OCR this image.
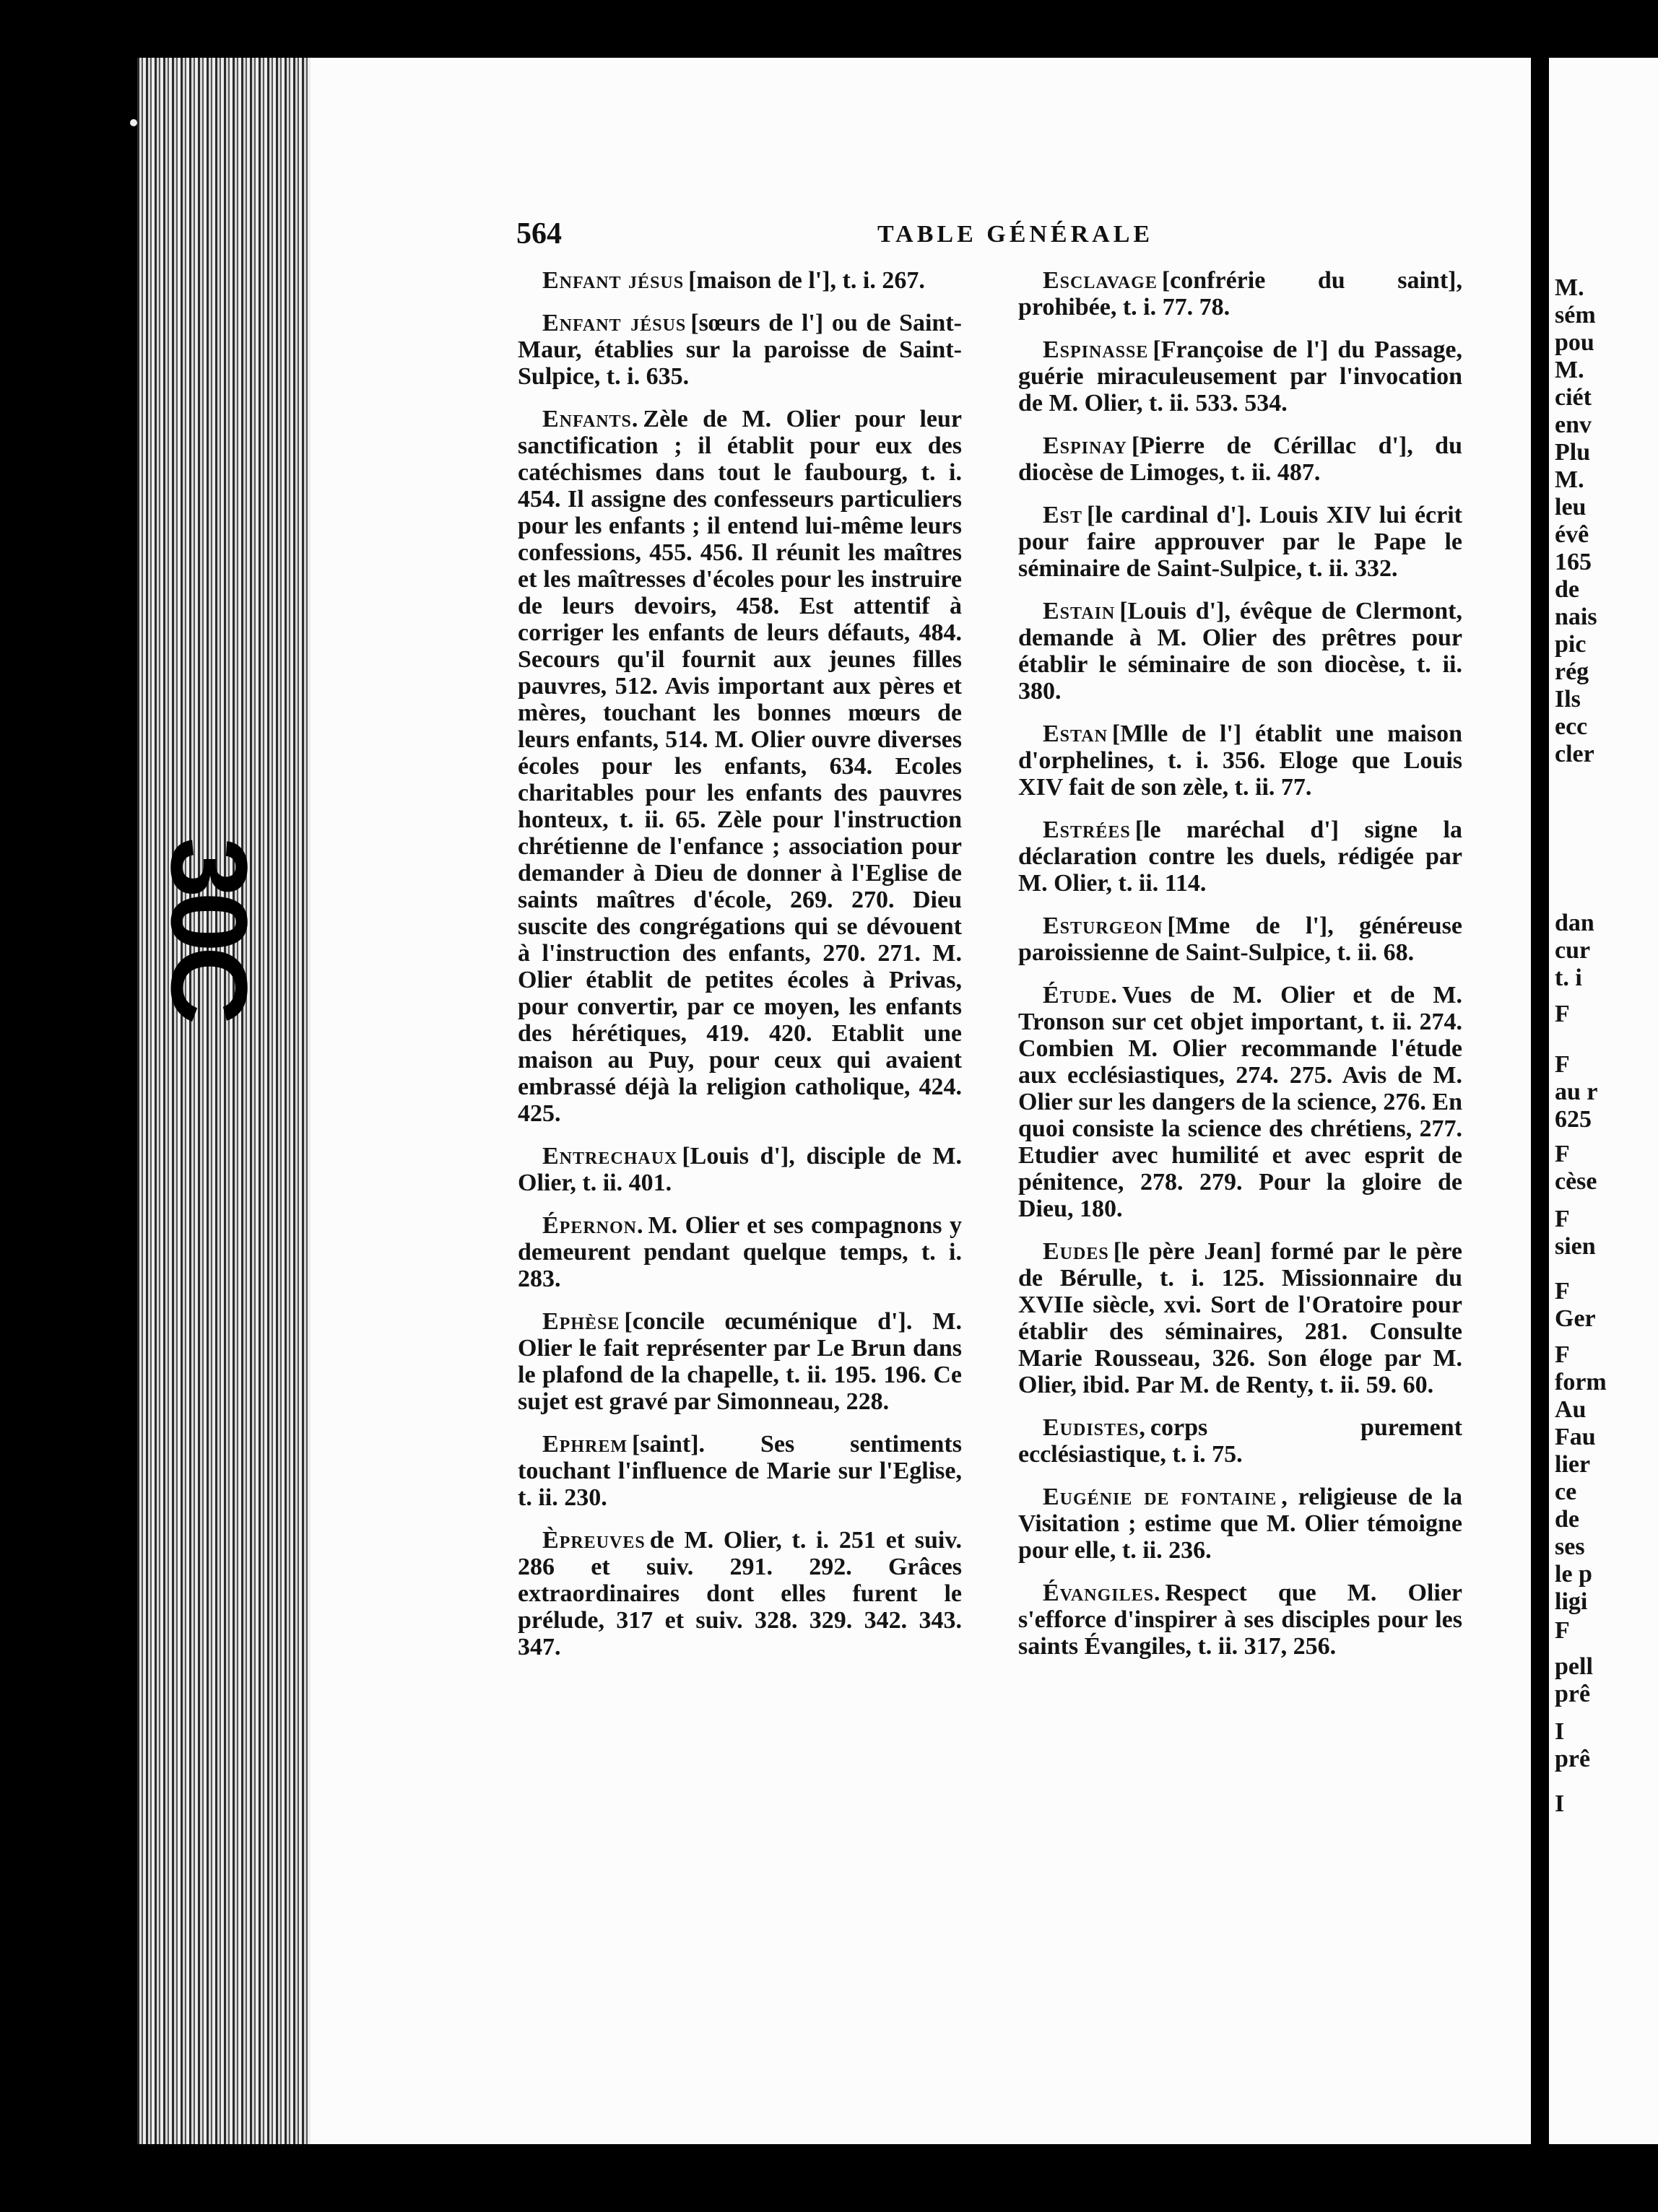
30C
M.
sém
pou
M.
ciét
env
Plu
M.
leu
évê
165
de
nais
pic
rég
Ils
ecc
cler
dan
cur
t. i
F
F
au r
625
F
cèse
F
sien
F
Ger
F
form
Au
Fau
lier
ce
de
ses
le p
ligi
F
pell
prê
I
prê
I
564	TABLE GÉNÉRALE

Enfant jésus [maison de l'], t. i. 267.

Enfant jésus [sœurs de l'] ou de Saint-Maur, établies sur la paroisse de Saint-Sulpice, t. i. 635.

Enfants. Zèle de M. Olier pour leur sanctification ; il établit pour eux des catéchismes dans tout le faubourg, t. i. 454. Il assigne des confesseurs particuliers pour les enfants ; il entend lui-même leurs confessions, 455. 456. Il réunit les maîtres et les maîtresses d'écoles pour les instruire de leurs devoirs, 458. Est attentif à corriger les enfants de leurs défauts, 484. Secours qu'il fournit aux jeunes filles pauvres, 512. Avis important aux pères et mères, touchant les bonnes mœurs de leurs enfants, 514. M. Olier ouvre diverses écoles pour les enfants, 634. Ecoles charitables pour les enfants des pauvres honteux, t. ii. 65. Zèle pour l'instruction chrétienne de l'enfance ; association pour demander à Dieu de donner à l'Eglise de saints maîtres d'école, 269. 270. Dieu suscite des congrégations qui se dévouent à l'instruction des enfants, 270. 271. M. Olier établit de petites écoles à Privas, pour convertir, par ce moyen, les enfants des hérétiques, 419. 420. Etablit une maison au Puy, pour ceux qui avaient embrassé déjà la religion catholique, 424. 425.

Entrechaux [Louis d'], disciple de M. Olier, t. ii. 401.

Épernon. M. Olier et ses compagnons y demeurent pendant quelque temps, t. i. 283.

Ephèse [concile œcuménique d']. M. Olier le fait représenter par Le Brun dans le plafond de la chapelle, t. ii. 195. 196. Ce sujet est gravé par Simonneau, 228.

Ephrem [saint]. Ses sentiments touchant l'influence de Marie sur l'Eglise, t. ii. 230.

Èpreuves de M. Olier, t. i. 251 et suiv. 286 et suiv. 291. 292. Grâces extraordinaires dont elles furent le prélude, 317 et suiv. 328. 329. 342. 343. 347.

Esclavage [confrérie du saint], prohibée, t. i. 77. 78.

Espinasse [Françoise de l'] du Passage, guérie miraculeusement par l'invocation de M. Olier, t. ii. 533. 534.

Espinay [Pierre de Cérillac d'], du diocèse de Limoges, t. ii. 487.

Est [le cardinal d']. Louis XIV lui écrit pour faire approuver par le Pape le séminaire de Saint-Sulpice, t. ii. 332.

Estain [Louis d'], évêque de Clermont, demande à M. Olier des prêtres pour établir le séminaire de son diocèse, t. ii. 380.

Estan [Mlle de l'] établit une maison d'orphelines, t. i. 356. Eloge que Louis XIV fait de son zèle, t. ii. 77.

Estrées [le maréchal d'] signe la déclaration contre les duels, rédigée par M. Olier, t. ii. 114.

Esturgeon [Mme de l'], généreuse paroissienne de Saint-Sulpice, t. ii. 68.

Étude. Vues de M. Olier et de M. Tronson sur cet objet important, t. ii. 274. Combien M. Olier recommande l'étude aux ecclésiastiques, 274. 275. Avis de M. Olier sur les dangers de la science, 276. En quoi consiste la science des chrétiens, 277. Etudier avec humilité et avec esprit de pénitence, 278. 279. Pour la gloire de Dieu, 180.

Eudes [le père Jean] formé par le père de Bérulle, t. i. 125. Missionnaire du XVIIe siècle, xvi. Sort de l'Oratoire pour établir des séminaires, 281. Consulte Marie Rousseau, 326. Son éloge par M. Olier, ibid. Par M. de Renty, t. ii. 59. 60.

Eudistes, corps purement ecclésiastique, t. i. 75.

Eugénie de fontaine , religieuse de la Visitation ; estime que M. Olier témoigne pour elle, t. ii. 236.

Évangiles. Respect que M. Olier s'efforce d'inspirer à ses disciples pour les saints Évangiles, t. ii. 317, 256.
